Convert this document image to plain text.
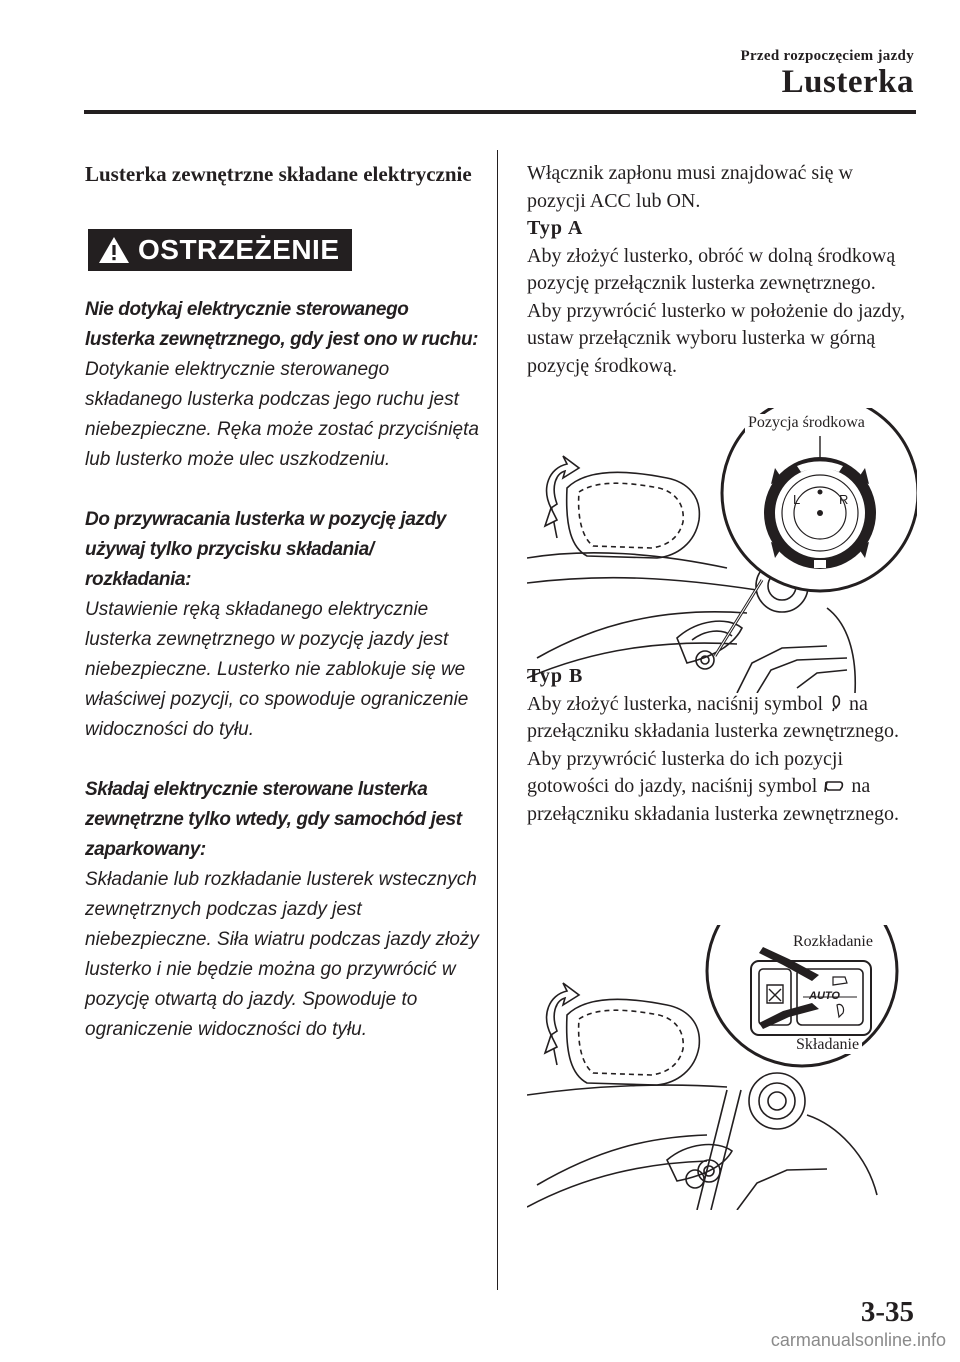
Przed rozpoczęciem jazdy
Lusterka
Lusterka zewnętrzne składane elektrycznie
OSTRZEŻENIE
Nie dotykaj elektrycznie sterowanego lusterka zewnętrznego, gdy jest ono w ruchu:
Dotykanie elektrycznie sterowanego składanego lusterka podczas jego ruchu jest niebezpieczne. Ręka może zostać przyciśnięta lub lusterko może ulec uszkodzeniu.
Do przywracania lusterka w pozycję jazdy używaj tylko przycisku składania/ rozkładania:
Ustawienie ręką składanego elektrycznie lusterka zewnętrznego w pozycję jazdy jest niebezpieczne. Lusterko nie zablokuje się we właściwej pozycji, co spowoduje ograniczenie widoczności do tyłu.
Składaj elektrycznie sterowane lusterka zewnętrzne tylko wtedy, gdy samochód jest zaparkowany:
Składanie lub rozkładanie lusterek wstecznych zewnętrznych podczas jazdy jest niebezpieczne. Siła wiatru podczas jazdy złoży lusterko i nie będzie można go przywrócić w pozycję otwartą do jazdy. Spowoduje to ograniczenie widoczności do tyłu.

Włącznik zapłonu musi znajdować się w pozycji ACC lub ON.

Typ A

Aby złożyć lusterko, obróć w dolną środkową pozycję przełącznik lusterka zewnętrznego.

Aby przywrócić lusterko w położenie do jazdy, ustaw przełącznik wyboru lusterka w górną pozycję środkową.

Typ B

Aby złożyć lusterka, naciśnij symbol na przełączniku składania lusterka zewnętrznego.

Aby przywrócić lusterka do ich pozycji gotowości do jazdy, naciśnij symbol na przełączniku składania lusterka zewnętrznego.

L	R
Pozycja środkowa
AUTO
Rozkładanie
Składanie
3-35
carmanualsonline.info
